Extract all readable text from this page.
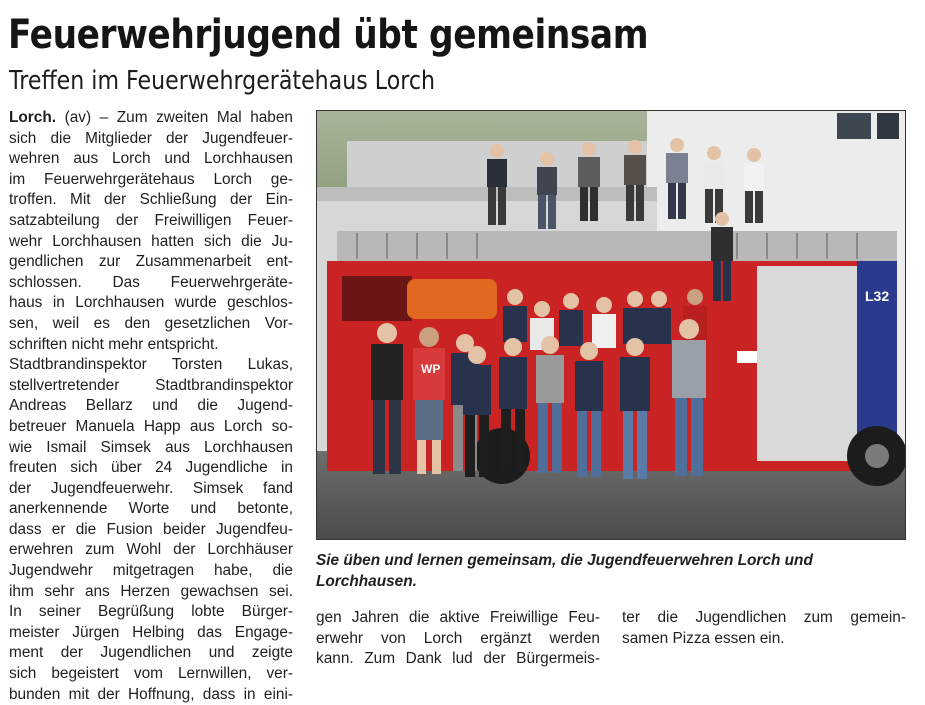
Feuerwehrjugend übt gemeinsam
Treffen im Feuerwehrgerätehaus Lorch
Lorch. (av) – Zum zweiten Mal haben
sich die Mitglieder der Jugendfeuer-
wehren aus Lorch und Lorchhausen
im Feuerwehrgerätehaus Lorch ge-
troffen. Mit der Schließung der Ein-
satzabteilung der Freiwilligen Feuer-
wehr Lorchhausen hatten sich die Ju-
gendlichen zur Zusammenarbeit ent-
schlossen. Das Feuerwehrgeräte-
haus in Lorchhausen wurde geschlos-
sen, weil es den gesetzlichen Vor-
schriften nicht mehr entspricht.
Stadtbrandinspektor Torsten Lukas,
stellvertretender Stadtbrandinspektor
Andreas Bellarz und die Jugend-
betreuer Manuela Happ aus Lorch so-
wie Ismail Simsek aus Lorchhausen
freuten sich über 24 Jugendliche in
der Jugendfeuerwehr. Simsek fand
anerkennende Worte und betonte,
dass er die Fusion beider Jugendfeu-
erwehren zum Wohl der Lorchhäuser
Jugendwehr mitgetragen habe, die
ihm sehr ans Herzen gewachsen sei.
In seiner Begrüßung lobte Bürger-
meister Jürgen Helbing das Engage-
ment der Jugendlichen und zeigte
sich begeistert vom Lernwillen, ver-
bunden mit der Hoffnung, dass in eini-
L32
WP
Sie üben und lernen gemeinsam, die Jugendfeuerwehren Lorch und Lorchhausen.
gen Jahren die aktive Freiwillige Feu-
erwehr von Lorch ergänzt werden
kann. Zum Dank lud der Bürgermeis-
ter die Jugendlichen zum gemein-
samen Pizza essen ein.
